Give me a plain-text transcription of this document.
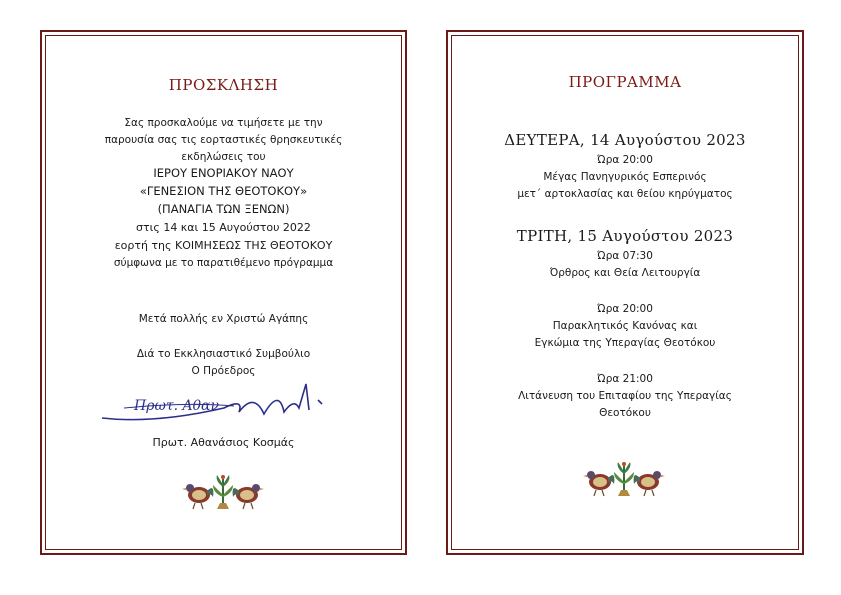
ΠΡΟΣΚΛΗΣΗ
Σας προσκαλούμε να τιμήσετε με την
παρουσία σας τις εορταστικές θρησκευτικές
εκδηλώσεις του
ΙΕΡΟΥ ΕΝΟΡΙΑΚΟΥ ΝΑΟΥ
«ΓΕΝΕΣΙΟΝ ΤΗΣ ΘΕΟΤΟΚΟΥ»
(ΠΑΝΑΓΙΑ ΤΩΝ ΞΕΝΩΝ)
στις 14 και 15 Αυγούστου 2022
εορτή της ΚΟΙΜΗΣΕΩΣ ΤΗΣ ΘΕΟΤΟΚΟΥ
σύμφωνα με το παρατιθέμενο πρόγραμμα
Μετά πολλής εν Χριστώ Αγάπης
Διά το Εκκλησιαστικό Συμβούλιο
Ο Πρόεδρος
Πρωτ. Αθαν
Πρωτ. Αθανάσιος Κοσμάς
ΠΡΟΓΡΑΜΜΑ
ΔΕΥΤΕΡΑ, 14 Αυγούστου 2023
Ώρα 20:00
Μέγας Πανηγυρικός Εσπερινός
μετ΄ αρτοκλασίας και θείου κηρύγματος
ΤΡΙΤΗ, 15 Αυγούστου 2023
Ώρα 07:30
Όρθρος και Θεία Λειτουργία
Ώρα 20:00
Παρακλητικός Κανόνας και
Εγκώμια της Υπεραγίας Θεοτόκου
Ώρα 21:00
Λιτάνευση του Επιταφίου της Υπεραγίας
Θεοτόκου
